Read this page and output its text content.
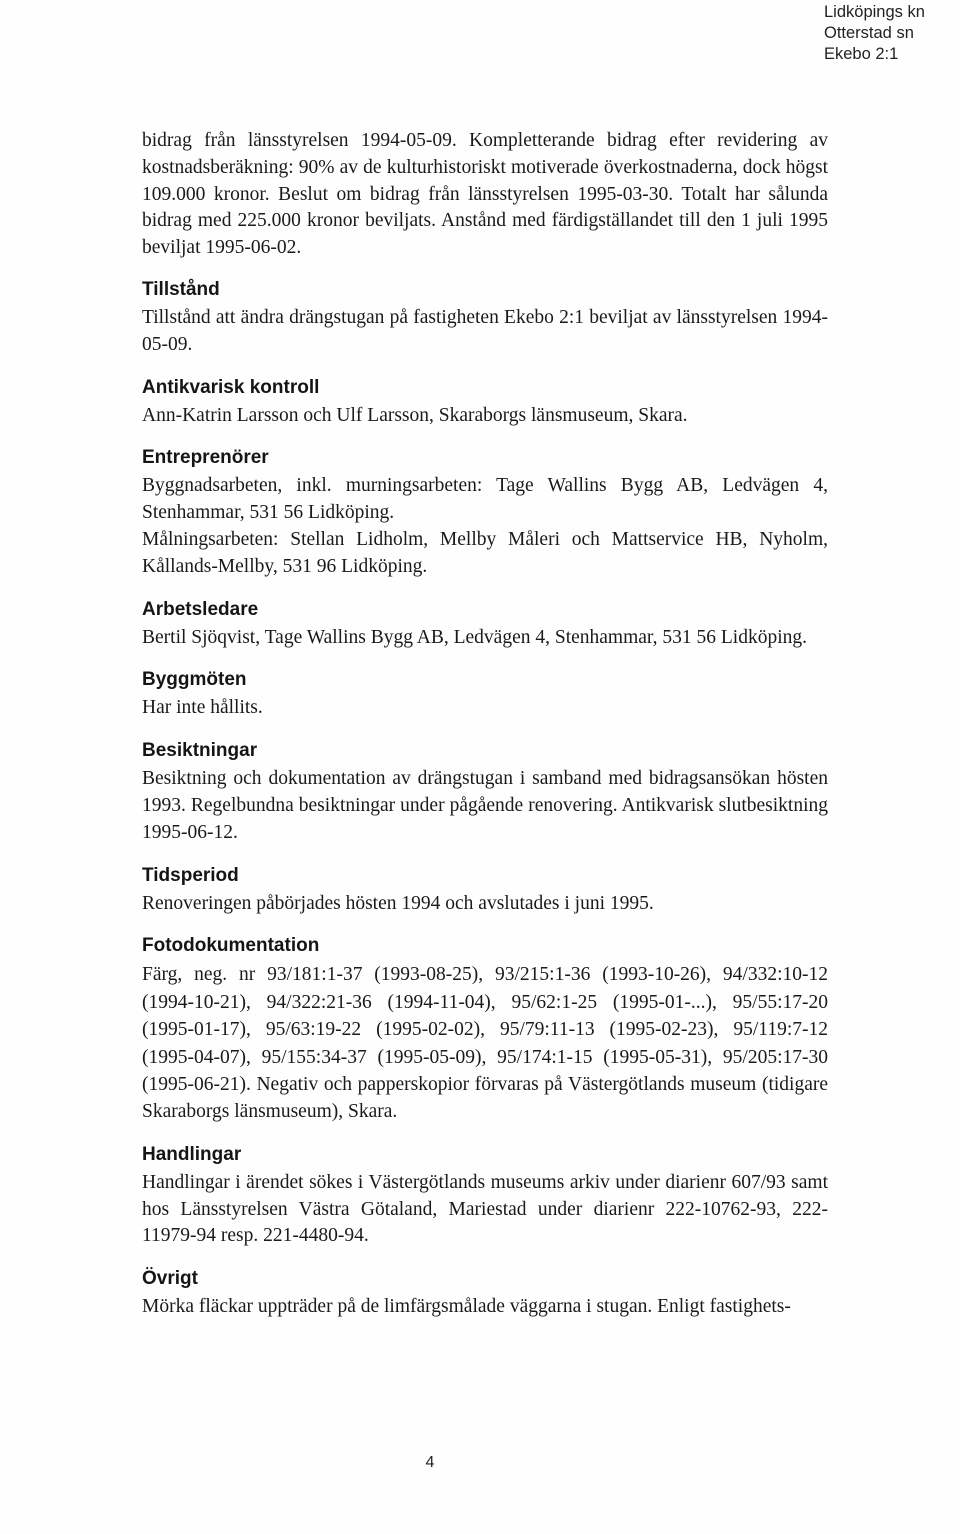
Lidköpings kn
Otterstad sn
Ekebo 2:1

bidrag från länsstyrelsen 1994-05-09. Kompletterande bidrag efter revidering av kostnadsberäkning: 90% av de kulturhistoriskt motiverade överkostnaderna, dock högst 109.000 kronor. Beslut om bidrag från länsstyrelsen 1995-03-30. Totalt har sålunda bidrag med 225.000 kronor beviljats. Anstånd med färdigställandet till den 1 juli 1995 beviljat 1995-06-02.

Tillstånd

Tillstånd att ändra drängstugan på fastigheten Ekebo 2:1 beviljat av länsstyrelsen 1994-05-09.

Antikvarisk kontroll

Ann-Katrin Larsson och Ulf Larsson, Skaraborgs länsmuseum, Skara.

Entreprenörer

Byggnadsarbeten, inkl. murningsarbeten: Tage Wallins Bygg AB, Ledvägen 4, Stenhammar, 531 56 Lidköping.

Målningsarbeten: Stellan Lidholm, Mellby Måleri och Mattservice HB, Nyholm, Kållands-Mellby, 531 96 Lidköping.

Arbetsledare

Bertil Sjöqvist, Tage Wallins Bygg AB, Ledvägen 4, Stenhammar, 531 56 Lidköping.

Byggmöten

Har inte hållits.

Besiktningar

Besiktning och dokumentation av drängstugan i samband med bidragsansökan hösten 1993. Regelbundna besiktningar under pågående renovering. Antikvarisk slutbesiktning 1995-06-12.

Tidsperiod

Renoveringen påbörjades hösten 1994 och avslutades i juni 1995.

Fotodokumentation

Färg, neg. nr 93/181:1-37 (1993-08-25), 93/215:1-36 (1993-10-26), 94/332:10-12 (1994-10-21), 94/322:21-36 (1994-11-04), 95/62:1-25 (1995-01-...), 95/55:17-20 (1995-01-17), 95/63:19-22 (1995-02-02), 95/79:11-13 (1995-02-23), 95/119:7-12 (1995-04-07), 95/155:34-37 (1995-05-09), 95/174:1-15 (1995-05-31), 95/205:17-30 (1995-06-21). Negativ och papperskopior förvaras på Västergötlands museum (tidigare Skaraborgs länsmuseum), Skara.

Handlingar

Handlingar i ärendet sökes i Västergötlands museums arkiv under diarienr 607/93 samt hos Länsstyrelsen Västra Götaland, Mariestad under diarienr 222-10762-93, 222-11979-94 resp. 221-4480-94.

Övrigt

Mörka fläckar uppträder på de limfärgsmålade väggarna i stugan. Enligt fastighets-

4
